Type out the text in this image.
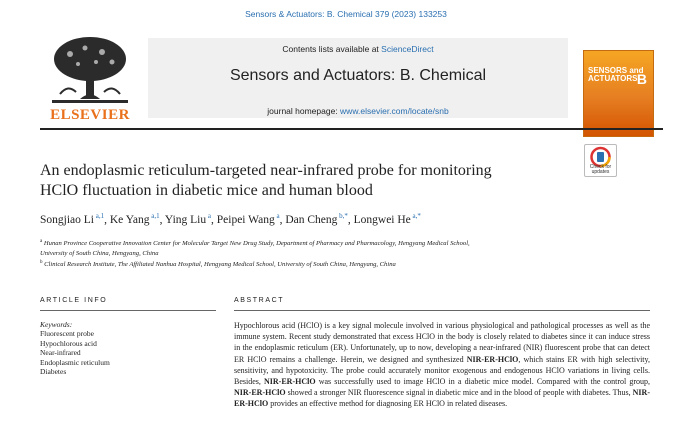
Sensors & Actuators: B. Chemical 379 (2023) 133253
ELSEVIER
Contents lists available at ScienceDirect
Sensors and Actuators: B. Chemical
journal homepage: www.elsevier.com/locate/snb
SENSORS and ACTUATORS B
An endoplasmic reticulum-targeted near-infrared probe for monitoring
HClO fluctuation in diabetic mice and human blood
Check for updates
Songjiao Li $^{a,1}$, Ke Yang $^{a,1}$, Ying Liu $^a$, Peipei Wang $^a$, Dan Cheng $^{b,*}$, Longwei He $^{a,*}$
$^a$ Hunan Province Cooperative Innovation Center for Molecular Target New Drug Study, Department of Pharmacy and Pharmacology, Hengyang Medical School,
University of South China, Hengyang, China
$^b$ Clinical Research Institute, The Affiliated Nanhua Hospital, Hengyang Medical School, University of South China, Hengyang, China
ARTICLE INFO
Keywords:
Fluorescent probe
Hypochlorous acid
Near-infrared
Endoplasmic reticulum
Diabetes
ABSTRACT
Hypochlorous acid (HClO) is a key signal molecule involved in various physiological and pathological processes as well as the immune system. Recent study demonstrated that excess HClO in the body is closely related to diabetes since it can induce stress in the endoplasmic reticulum (ER). Unfortunately, up to now, developing a near-infrared (NIR) fluorescent probe that can detect ER HClO remains a challenge. Herein, we designed and synthesized NIR-ER-HClO, which stains ER with high selectivity, sensitivity, and hypotoxicity. The probe could accurately monitor exogenous and endogenous HClO variations in living cells. Besides, NIR-ER-HClO was successfully used to image HClO in a diabetic mice model. Compared with the control group, NIR-ER-HClO showed a stronger NIR fluorescence signal in diabetic mice and in the blood of people with diabetes. Thus, NIR-ER-HClO provides an effective method for diagnosing ER HClO in related diseases.
